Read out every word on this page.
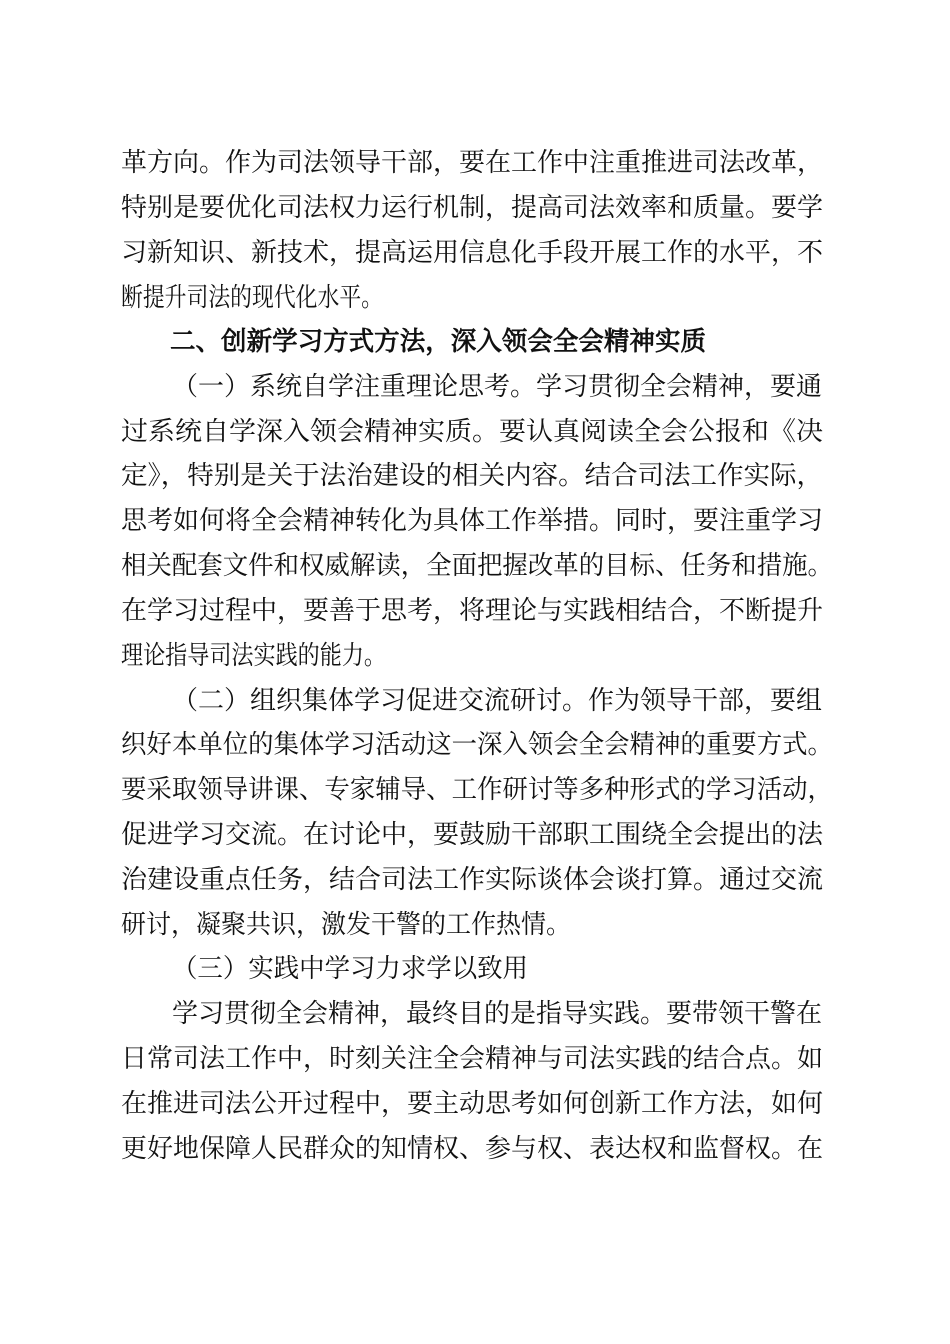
革方向。作为司法领导干部，要在工作中注重推进司法改革，
特别是要优化司法权力运行机制，提高司法效率和质量。要学
习新知识、新技术，提高运用信息化手段开展工作的水平，不
断提升司法的现代化水平。
二、创新学习方式方法，深入领会全会精神实质
（一）系统自学注重理论思考。学习贯彻全会精神，要通
过系统自学深入领会精神实质。要认真阅读全会公报和《决
定》，特别是关于法治建设的相关内容。结合司法工作实际，
思考如何将全会精神转化为具体工作举措。同时，要注重学习
相关配套文件和权威解读，全面把握改革的目标、任务和措施。
在学习过程中，要善于思考，将理论与实践相结合，不断提升
理论指导司法实践的能力。
（二）组织集体学习促进交流研讨。作为领导干部，要组
织好本单位的集体学习活动这一深入领会全会精神的重要方式。
要采取领导讲课、专家辅导、工作研讨等多种形式的学习活动，
促进学习交流。在讨论中，要鼓励干部职工围绕全会提出的法
治建设重点任务，结合司法工作实际谈体会谈打算。通过交流
研讨，凝聚共识，激发干警的工作热情。
（三）实践中学习力求学以致用
学习贯彻全会精神，最终目的是指导实践。要带领干警在
日常司法工作中，时刻关注全会精神与司法实践的结合点。如
在推进司法公开过程中，要主动思考如何创新工作方法，如何
更好地保障人民群众的知情权、参与权、表达权和监督权。在
